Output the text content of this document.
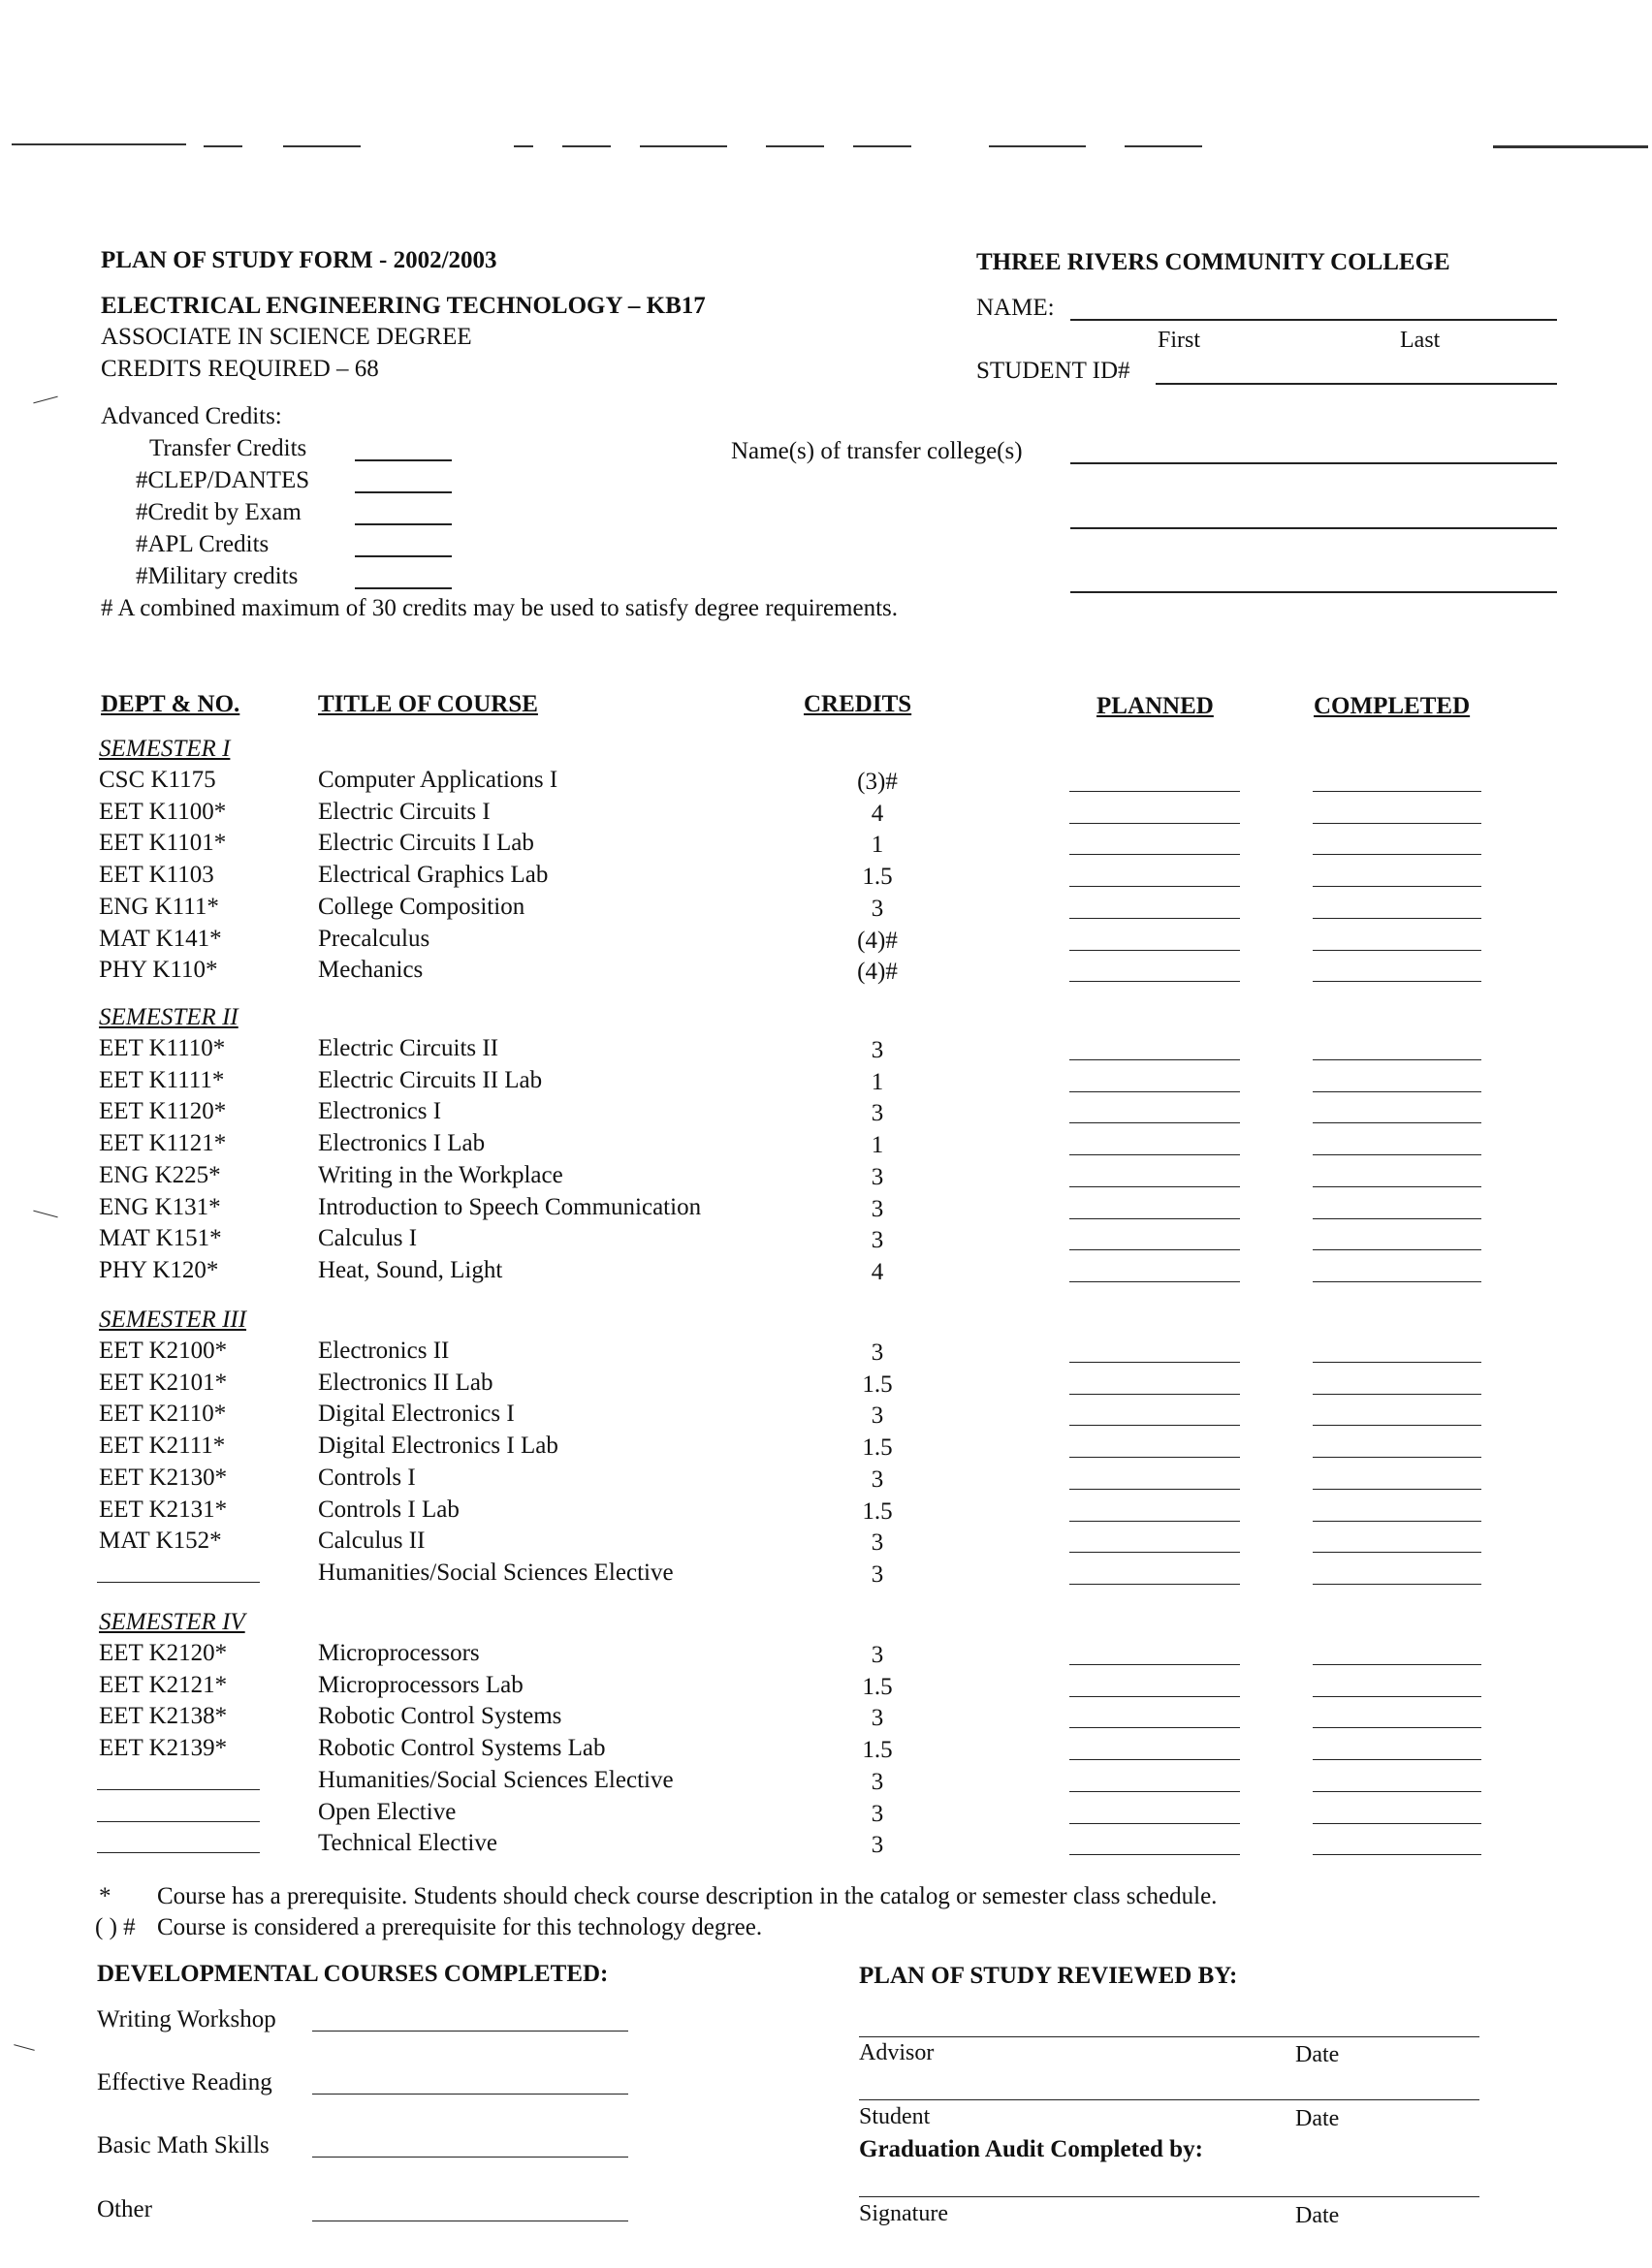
PLAN OF STUDY FORM - 2002/2003
ELECTRICAL ENGINEERING TECHNOLOGY – KB17
ASSOCIATE IN SCIENCE DEGREE
CREDITS REQUIRED – 68
THREE RIVERS COMMUNITY COLLEGE
NAME:
First	Last
STUDENT ID#
Advanced Credits:
Transfer Credits
#CLEP/DANTES
#Credit by Exam
#APL Credits
#Military credits
# A combined maximum of 30 credits may be used to satisfy degree requirements.
Name(s) of transfer college(s)
DEPT & NO.	TITLE OF COURSE	CREDITS	PLANNED	COMPLETED
SEMESTER I
CSC K1175	Computer Applications I	(3)#
EET K1100*	Electric Circuits I	4
EET K1101*	Electric Circuits I Lab	1
EET K1103	Electrical Graphics Lab	1.5
ENG K111*	College Composition	3
MAT K141*	Precalculus	(4)#
PHY K110*	Mechanics	(4)#
SEMESTER II
EET K1110*	Electric Circuits II	3
EET K1111*	Electric Circuits II Lab	1
EET K1120*	Electronics I	3
EET K1121*	Electronics I Lab	1
ENG K225*	Writing in the Workplace	3
ENG K131*	Introduction to Speech Communication	3
MAT K151*	Calculus I	3
PHY K120*	Heat, Sound, Light	4
SEMESTER III
EET K2100*	Electronics II	3
EET K2101*	Electronics II Lab	1.5
EET K2110*	Digital Electronics I	3
EET K2111*	Digital Electronics I Lab	1.5
EET K2130*	Controls I	3
EET K2131*	Controls I Lab	1.5
MAT K152*	Calculus II	3
Humanities/Social Sciences Elective	3
SEMESTER IV
EET K2120*	Microprocessors	3
EET K2121*	Microprocessors Lab	1.5
EET K2138*	Robotic Control Systems	3
EET K2139*	Robotic Control Systems Lab	1.5
Humanities/Social Sciences Elective	3
Open Elective	3
Technical Elective	3
* Course has a prerequisite. Students should check course description in the catalog or semester class schedule.
( ) # Course is considered a prerequisite for this technology degree.
DEVELOPMENTAL COURSES COMPLETED:
Writing Workshop
Effective Reading
Basic Math Skills
Other
PLAN OF STUDY REVIEWED BY:
Advisor	Date
Student	Date
Graduation Audit Completed by:
Signature	Date
